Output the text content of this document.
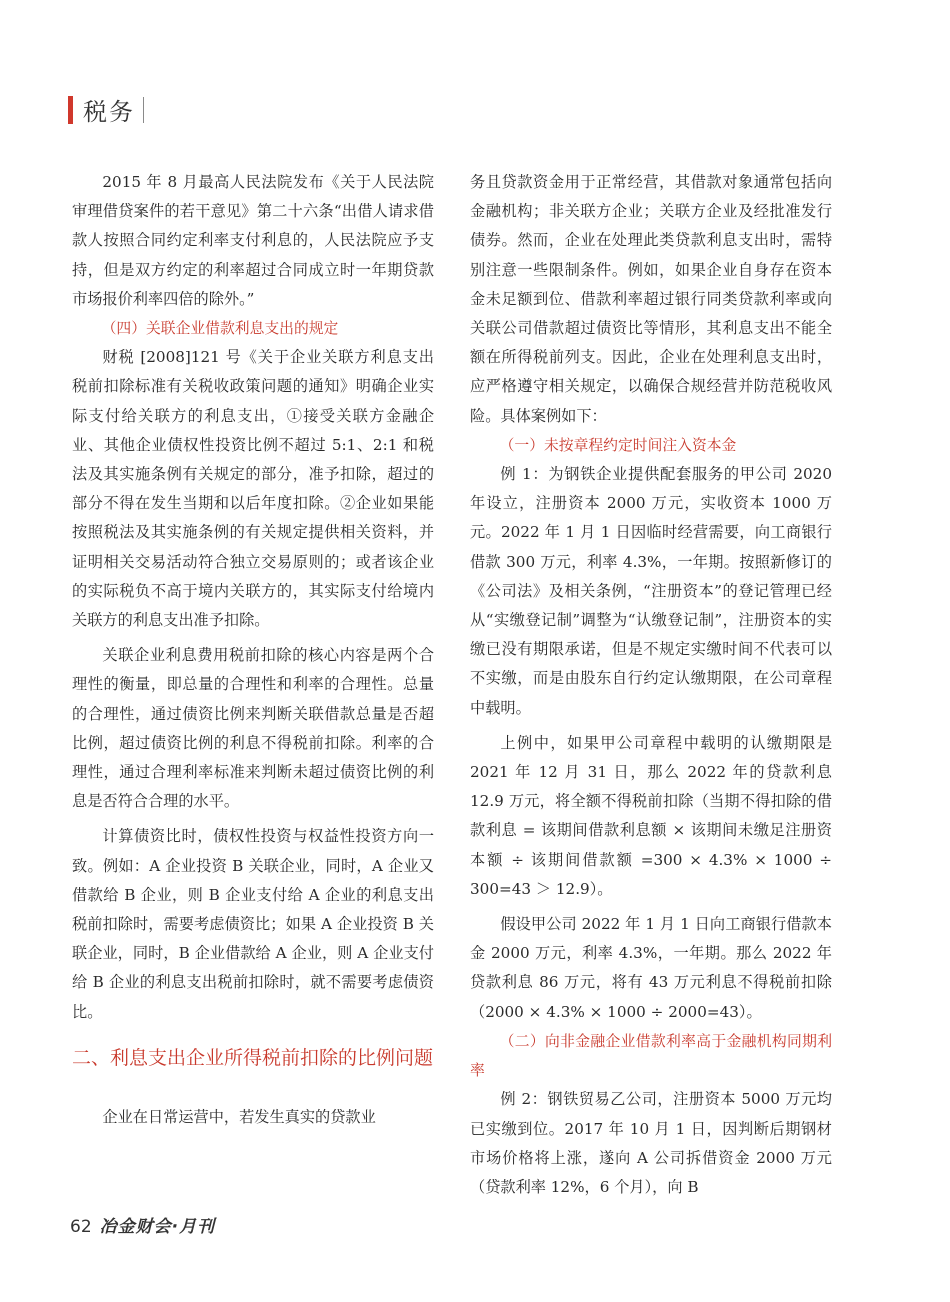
税务

2015 年 8 月最高人民法院发布《关于人民法院审理借贷案件的若干意见》第二十六条“出借人请求借款人按照合同约定利率支付利息的，人民法院应予支持，但是双方约定的利率超过合同成立时一年期贷款市场报价利率四倍的除外。”

（四）关联企业借款利息支出的规定

财税 [2008]121 号《关于企业关联方利息支出税前扣除标准有关税收政策问题的通知》明确企业实际支付给关联方的利息支出，①接受关联方金融企业、其他企业债权性投资比例不超过 5:1、2:1 和税法及其实施条例有关规定的部分，准予扣除，超过的部分不得在发生当期和以后年度扣除。②企业如果能按照税法及其实施条例的有关规定提供相关资料，并证明相关交易活动符合独立交易原则的；或者该企业的实际税负不高于境内关联方的，其实际支付给境内关联方的利息支出准予扣除。

关联企业利息费用税前扣除的核心内容是两个合理性的衡量，即总量的合理性和利率的合理性。总量的合理性，通过债资比例来判断关联借款总量是否超比例，超过债资比例的利息不得税前扣除。利率的合理性，通过合理利率标准来判断未超过债资比例的利息是否符合合理的水平。

计算债资比时，债权性投资与权益性投资方向一致。例如：A 企业投资 B 关联企业，同时，A 企业又借款给 B 企业，则 B 企业支付给 A 企业的利息支出税前扣除时，需要考虑债资比；如果 A 企业投资 B 关联企业，同时，B 企业借款给 A 企业，则 A 企业支付给 B 企业的利息支出税前扣除时，就不需要考虑债资比。

二、利息支出企业所得税前扣除的比例问题

企业在日常运营中，若发生真实的贷款业

务且贷款资金用于正常经营，其借款对象通常包括向金融机构；非关联方企业；关联方企业及经批准发行债券。然而，企业在处理此类贷款利息支出时，需特别注意一些限制条件。例如，如果企业自身存在资本金未足额到位、借款利率超过银行同类贷款利率或向关联公司借款超过债资比等情形，其利息支出不能全额在所得税前列支。因此，企业在处理利息支出时，应严格遵守相关规定，以确保合规经营并防范税收风险。具体案例如下：

（一）未按章程约定时间注入资本金

例 1：为钢铁企业提供配套服务的甲公司 2020 年设立，注册资本 2000 万元，实收资本 1000 万元。2022 年 1 月 1 日因临时经营需要，向工商银行借款 300 万元，利率 4.3%，一年期。按照新修订的《公司法》及相关条例，“注册资本”的登记管理已经从“实缴登记制”调整为“认缴登记制”，注册资本的实缴已没有期限承诺，但是不规定实缴时间不代表可以不实缴，而是由股东自行约定认缴期限，在公司章程中载明。

上例中，如果甲公司章程中载明的认缴期限是 2021 年 12 月 31 日，那么 2022 年的贷款利息 12.9 万元，将全额不得税前扣除（当期不得扣除的借款利息 = 该期间借款利息额 × 该期间未缴足注册资本额 ÷ 该期间借款额 =300 × 4.3% × 1000 ÷ 300=43 ＞ 12.9）。

假设甲公司 2022 年 1 月 1 日向工商银行借款本金 2000 万元，利率 4.3%，一年期。那么 2022 年贷款利息 86 万元，将有 43 万元利息不得税前扣除（2000 × 4.3% × 1000 ÷ 2000=43）。

（二）向非金融企业借款利率高于金融机构同期利率

例 2：钢铁贸易乙公司，注册资本 5000 万元均已实缴到位。2017 年 10 月 1 日，因判断后期钢材市场价格将上涨，遂向 A 公司拆借资金 2000 万元（贷款利率 12%，6 个月），向 B

62 冶金财会·月刊
